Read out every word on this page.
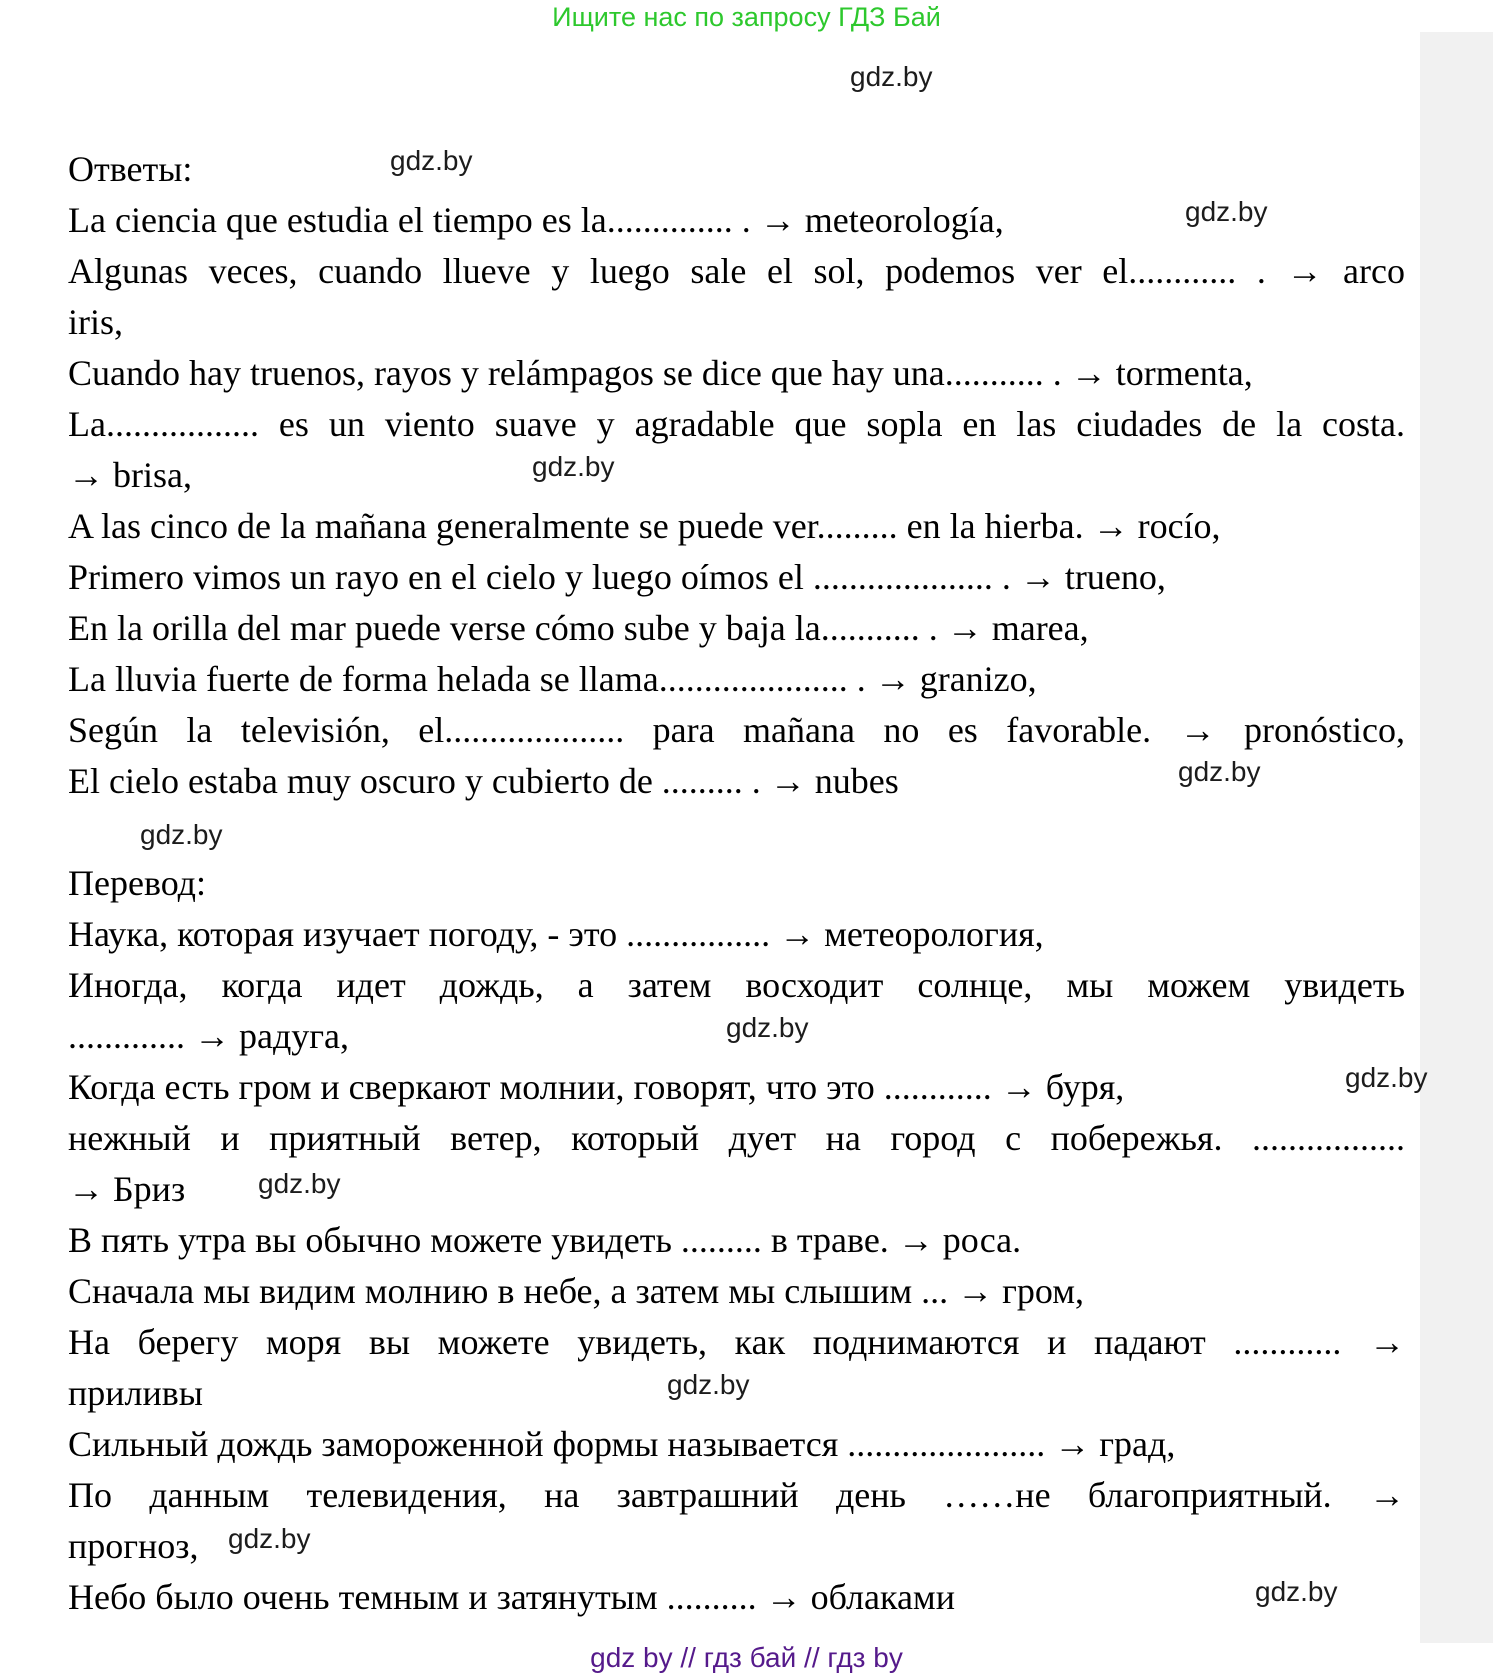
Ищите нас по запросу ГДЗ Бай
gdz.by
gdz.by
gdz.by
gdz.by
gdz.by
gdz.by
gdz.by
gdz.by
gdz.by
gdz.by
gdz.by
gdz.by
Ответы:
La ciencia que estudia el tiempo es la.............. . → meteorología,
Algunas veces, cuando llueve y luego sale el sol, podemos ver el............ . → arco
iris,
Cuando hay truenos, rayos y relámpagos se dice que hay una........... . → tormenta,
La................. es un viento suave y agradable que sopla en las ciudades de la costa.
→ brisa,
A las cinco de la mañana generalmente se puede ver......... en la hierba. → rocío,
Primero vimos un rayo en el cielo y luego oímos el .................... . → trueno,
En la orilla del mar puede verse cómo sube y baja la........... . → marea,
La lluvia fuerte de forma helada se llama..................... . → granizo,
Según la televisión, el.................... para mañana no es favorable. → pronóstico,
El cielo estaba muy oscuro y cubierto de ......... . → nubes
Перевод:
Наука, которая изучает погоду, - это ................ → метеорология,
Иногда, когда идет дождь, а затем восходит солнце, мы можем увидеть
............. → радуга,
Когда есть гром и сверкают молнии, говорят, что это ............ → буря,
нежный и приятный ветер, который дует на город с побережья. .................
→ Бриз
В пять утра вы обычно можете увидеть ......... в траве. → роса.
Сначала мы видим молнию в небе, а затем мы слышим ... → гром,
На берегу моря вы можете увидеть, как поднимаются и падают ............ →
приливы
Сильный дождь замороженной формы называется ...................... → град,
По данным телевидения, на завтрашний день ……не благоприятный. →
прогноз,
Небо было очень темным и затянутым .......... → облаками
gdz by // гдз бай // гдз by
